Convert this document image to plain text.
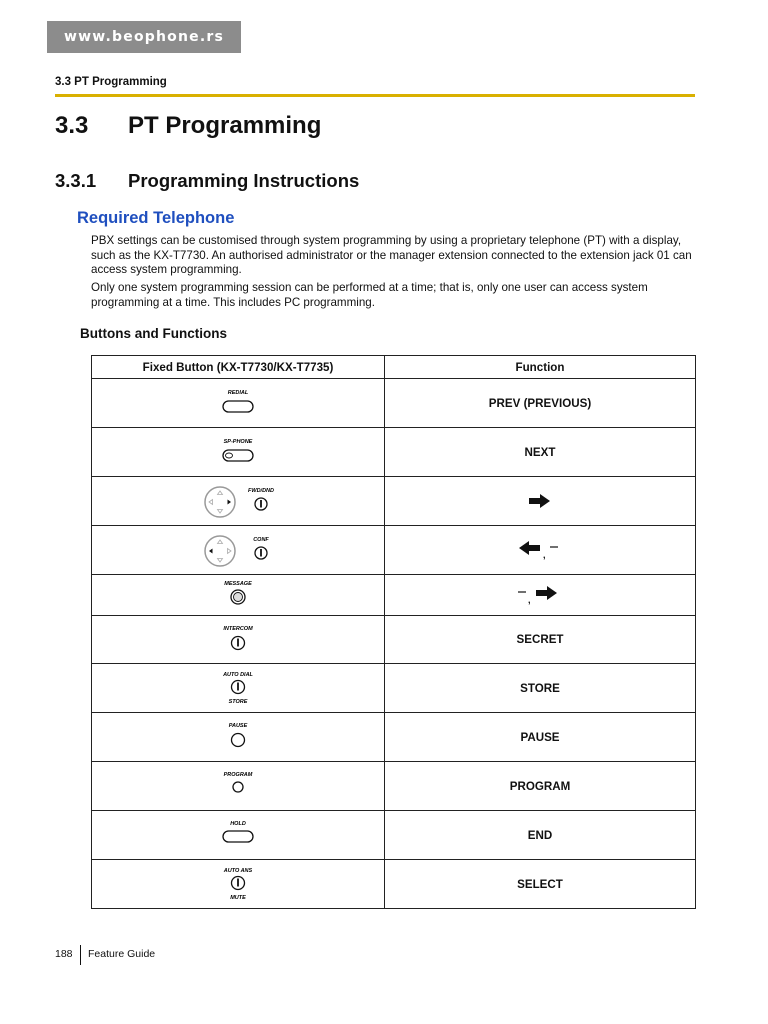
www.beophone.rs
3.3 PT Programming
3.3 PT Programming
3.3.1 Programming Instructions
Required Telephone
PBX settings can be customised through system programming by using a proprietary telephone (PT) with a display, such as the KX-T7730. An authorised administrator or the manager extension connected to the extension jack 01 can access system programming.
Only one system programming session can be performed at a time; that is, only one user can access system programming at a time. This includes PC programming.
Buttons and Functions
Fixed Button (KX-T7730/KX-T7735)	Function

REDIAL	PREV (PREVIOUS)

SP-PHONE	NEXT

FWD/DND

CONF	,

MESSAGE	,

INTERCOM	SECRET

AUTO DIAL
STORE	STORE

PAUSE	PAUSE

PROGRAM	PROGRAM

HOLD	END

AUTO ANS
MUTE	SELECT
188 Feature Guide
